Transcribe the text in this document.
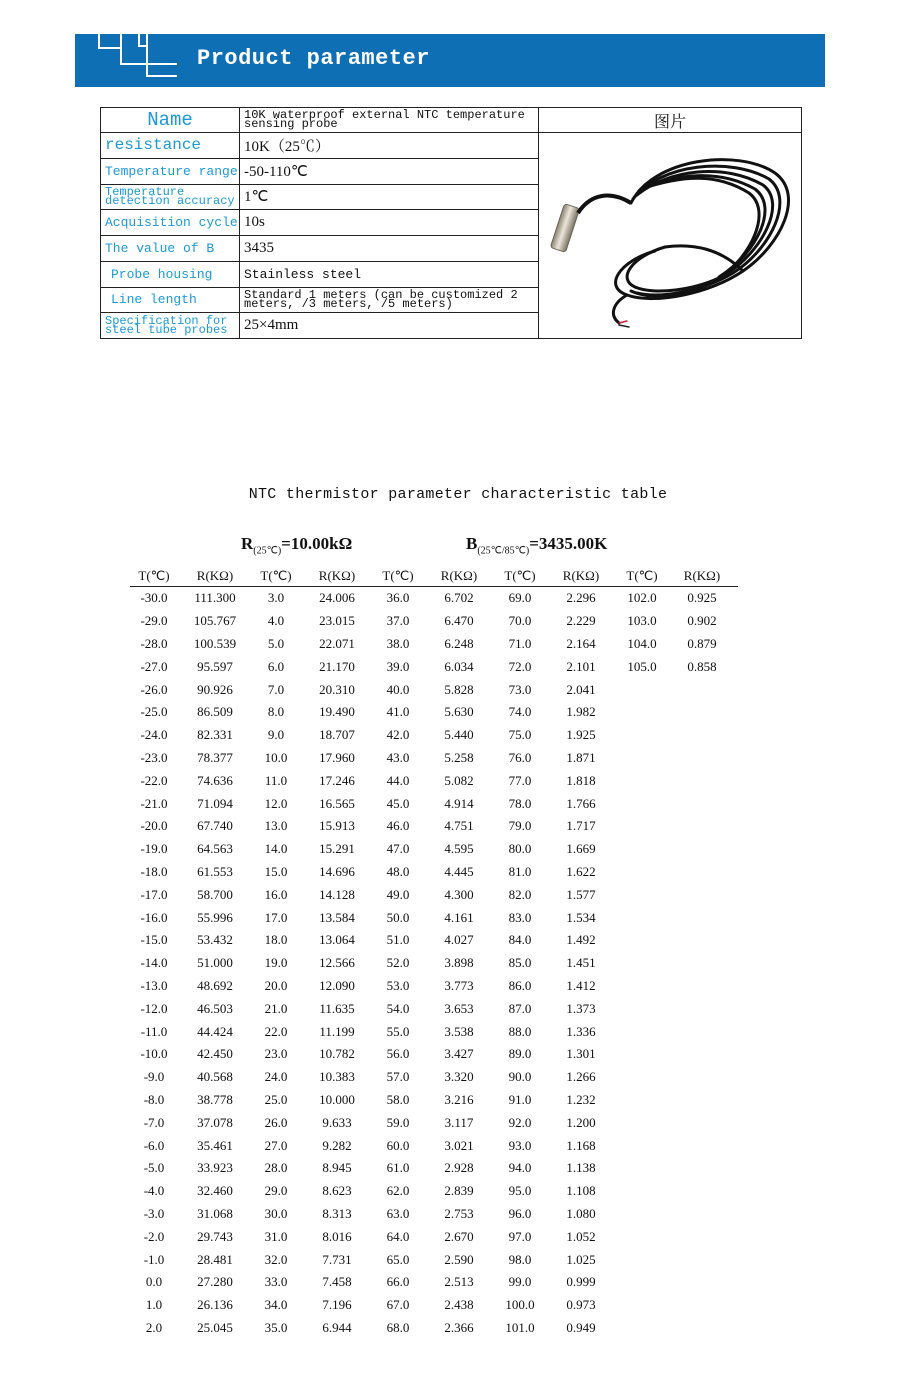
Product parameter
Name	10K waterproof external NTC temperature sensing probe	图片
resistance	10K（25℃）	
Temperature range	-50-110℃	
Temperature detection accuracy	1℃	
Acquisition cycle	10s	
The value of B	3435	
Probe housing	Stainless steel	
Line length	Standard 1 meters (can be customized 2 meters, /3 meters, /5 meters)	
Specification for steel tube probes	25×4mm	
NTC thermistor parameter characteristic table
$R_{(25℃)}=10.00k\Omega$	$B_{(25℃/85℃)}=3435.00K$
T(℃)	R(KΩ)	T(℃)	R(KΩ)	T(℃)	R(KΩ)	T(℃)	R(KΩ)	T(℃)	R(KΩ)
-30.0	111.300	3.0	24.006	36.0	6.702	69.0	2.296	102.0	0.925
-29.0	105.767	4.0	23.015	37.0	6.470	70.0	2.229	103.0	0.902
-28.0	100.539	5.0	22.071	38.0	6.248	71.0	2.164	104.0	0.879
-27.0	95.597	6.0	21.170	39.0	6.034	72.0	2.101	105.0	0.858
-26.0	90.926	7.0	20.310	40.0	5.828	73.0	2.041		
-25.0	86.509	8.0	19.490	41.0	5.630	74.0	1.982		
-24.0	82.331	9.0	18.707	42.0	5.440	75.0	1.925		
-23.0	78.377	10.0	17.960	43.0	5.258	76.0	1.871		
-22.0	74.636	11.0	17.246	44.0	5.082	77.0	1.818		
-21.0	71.094	12.0	16.565	45.0	4.914	78.0	1.766		
-20.0	67.740	13.0	15.913	46.0	4.751	79.0	1.717		
-19.0	64.563	14.0	15.291	47.0	4.595	80.0	1.669		
-18.0	61.553	15.0	14.696	48.0	4.445	81.0	1.622		
-17.0	58.700	16.0	14.128	49.0	4.300	82.0	1.577		
-16.0	55.996	17.0	13.584	50.0	4.161	83.0	1.534		
-15.0	53.432	18.0	13.064	51.0	4.027	84.0	1.492		
-14.0	51.000	19.0	12.566	52.0	3.898	85.0	1.451		
-13.0	48.692	20.0	12.090	53.0	3.773	86.0	1.412		
-12.0	46.503	21.0	11.635	54.0	3.653	87.0	1.373		
-11.0	44.424	22.0	11.199	55.0	3.538	88.0	1.336		
-10.0	42.450	23.0	10.782	56.0	3.427	89.0	1.301		
-9.0	40.568	24.0	10.383	57.0	3.320	90.0	1.266		
-8.0	38.778	25.0	10.000	58.0	3.216	91.0	1.232		
-7.0	37.078	26.0	9.633	59.0	3.117	92.0	1.200		
-6.0	35.461	27.0	9.282	60.0	3.021	93.0	1.168		
-5.0	33.923	28.0	8.945	61.0	2.928	94.0	1.138		
-4.0	32.460	29.0	8.623	62.0	2.839	95.0	1.108		
-3.0	31.068	30.0	8.313	63.0	2.753	96.0	1.080		
-2.0	29.743	31.0	8.016	64.0	2.670	97.0	1.052		
-1.0	28.481	32.0	7.731	65.0	2.590	98.0	1.025		
0.0	27.280	33.0	7.458	66.0	2.513	99.0	0.999		
1.0	26.136	34.0	7.196	67.0	2.438	100.0	0.973		
2.0	25.045	35.0	6.944	68.0	2.366	101.0	0.949		
